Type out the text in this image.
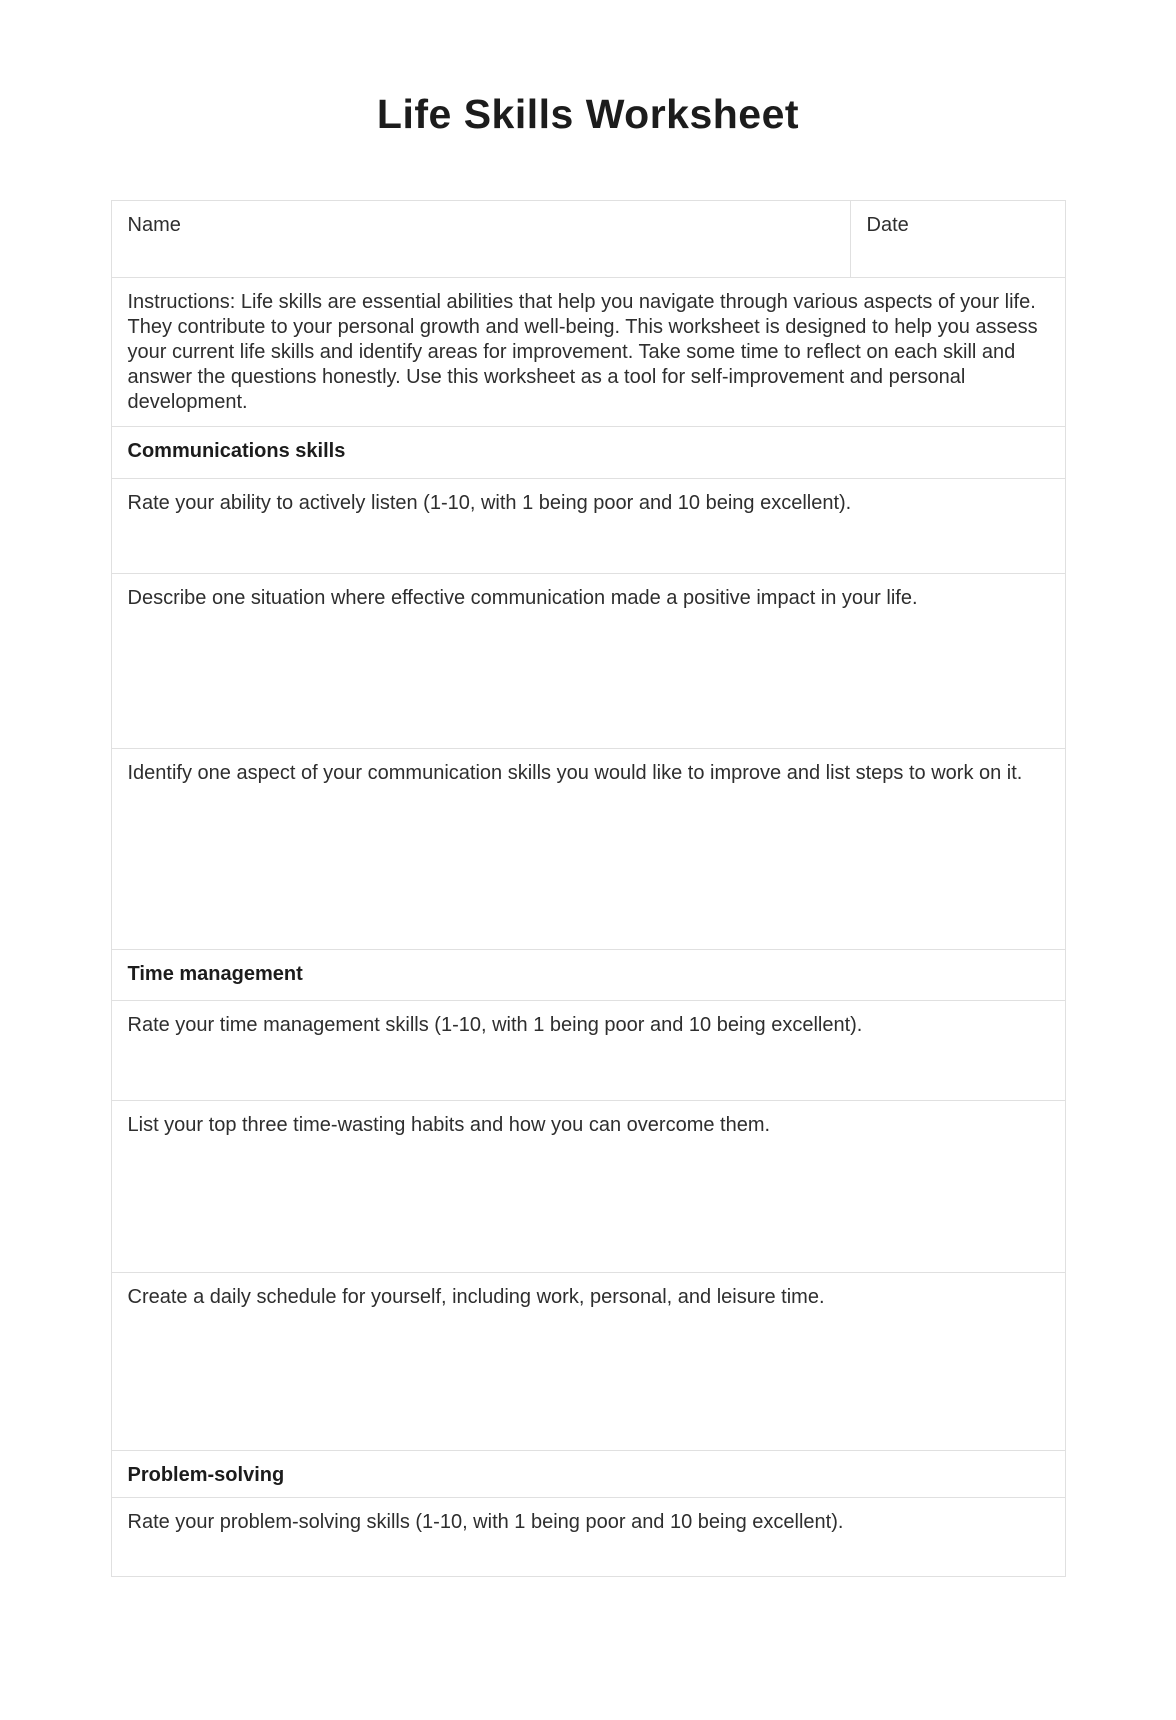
Life Skills Worksheet
Name	Date

Instructions: Life skills are essential abilities that help you navigate through various aspects of your life. They contribute to your personal growth and well-being. This worksheet is designed to help you assess your current life skills and identify areas for improvement. Take some time to reflect on each skill and answer the questions honestly. Use this worksheet as a tool for self-improvement and personal development.

Communications skills

Rate your ability to actively listen (1-10, with 1 being poor and 10 being excellent).

Describe one situation where effective communication made a positive impact in your life.

Identify one aspect of your communication skills you would like to improve and list steps to work on it.

Time management

Rate your time management skills (1-10, with 1 being poor and 10 being excellent).

List your top three time-wasting habits and how you can overcome them.

Create a daily schedule for yourself, including work, personal, and leisure time.

Problem-solving

Rate your problem-solving skills (1-10, with 1 being poor and 10 being excellent).
